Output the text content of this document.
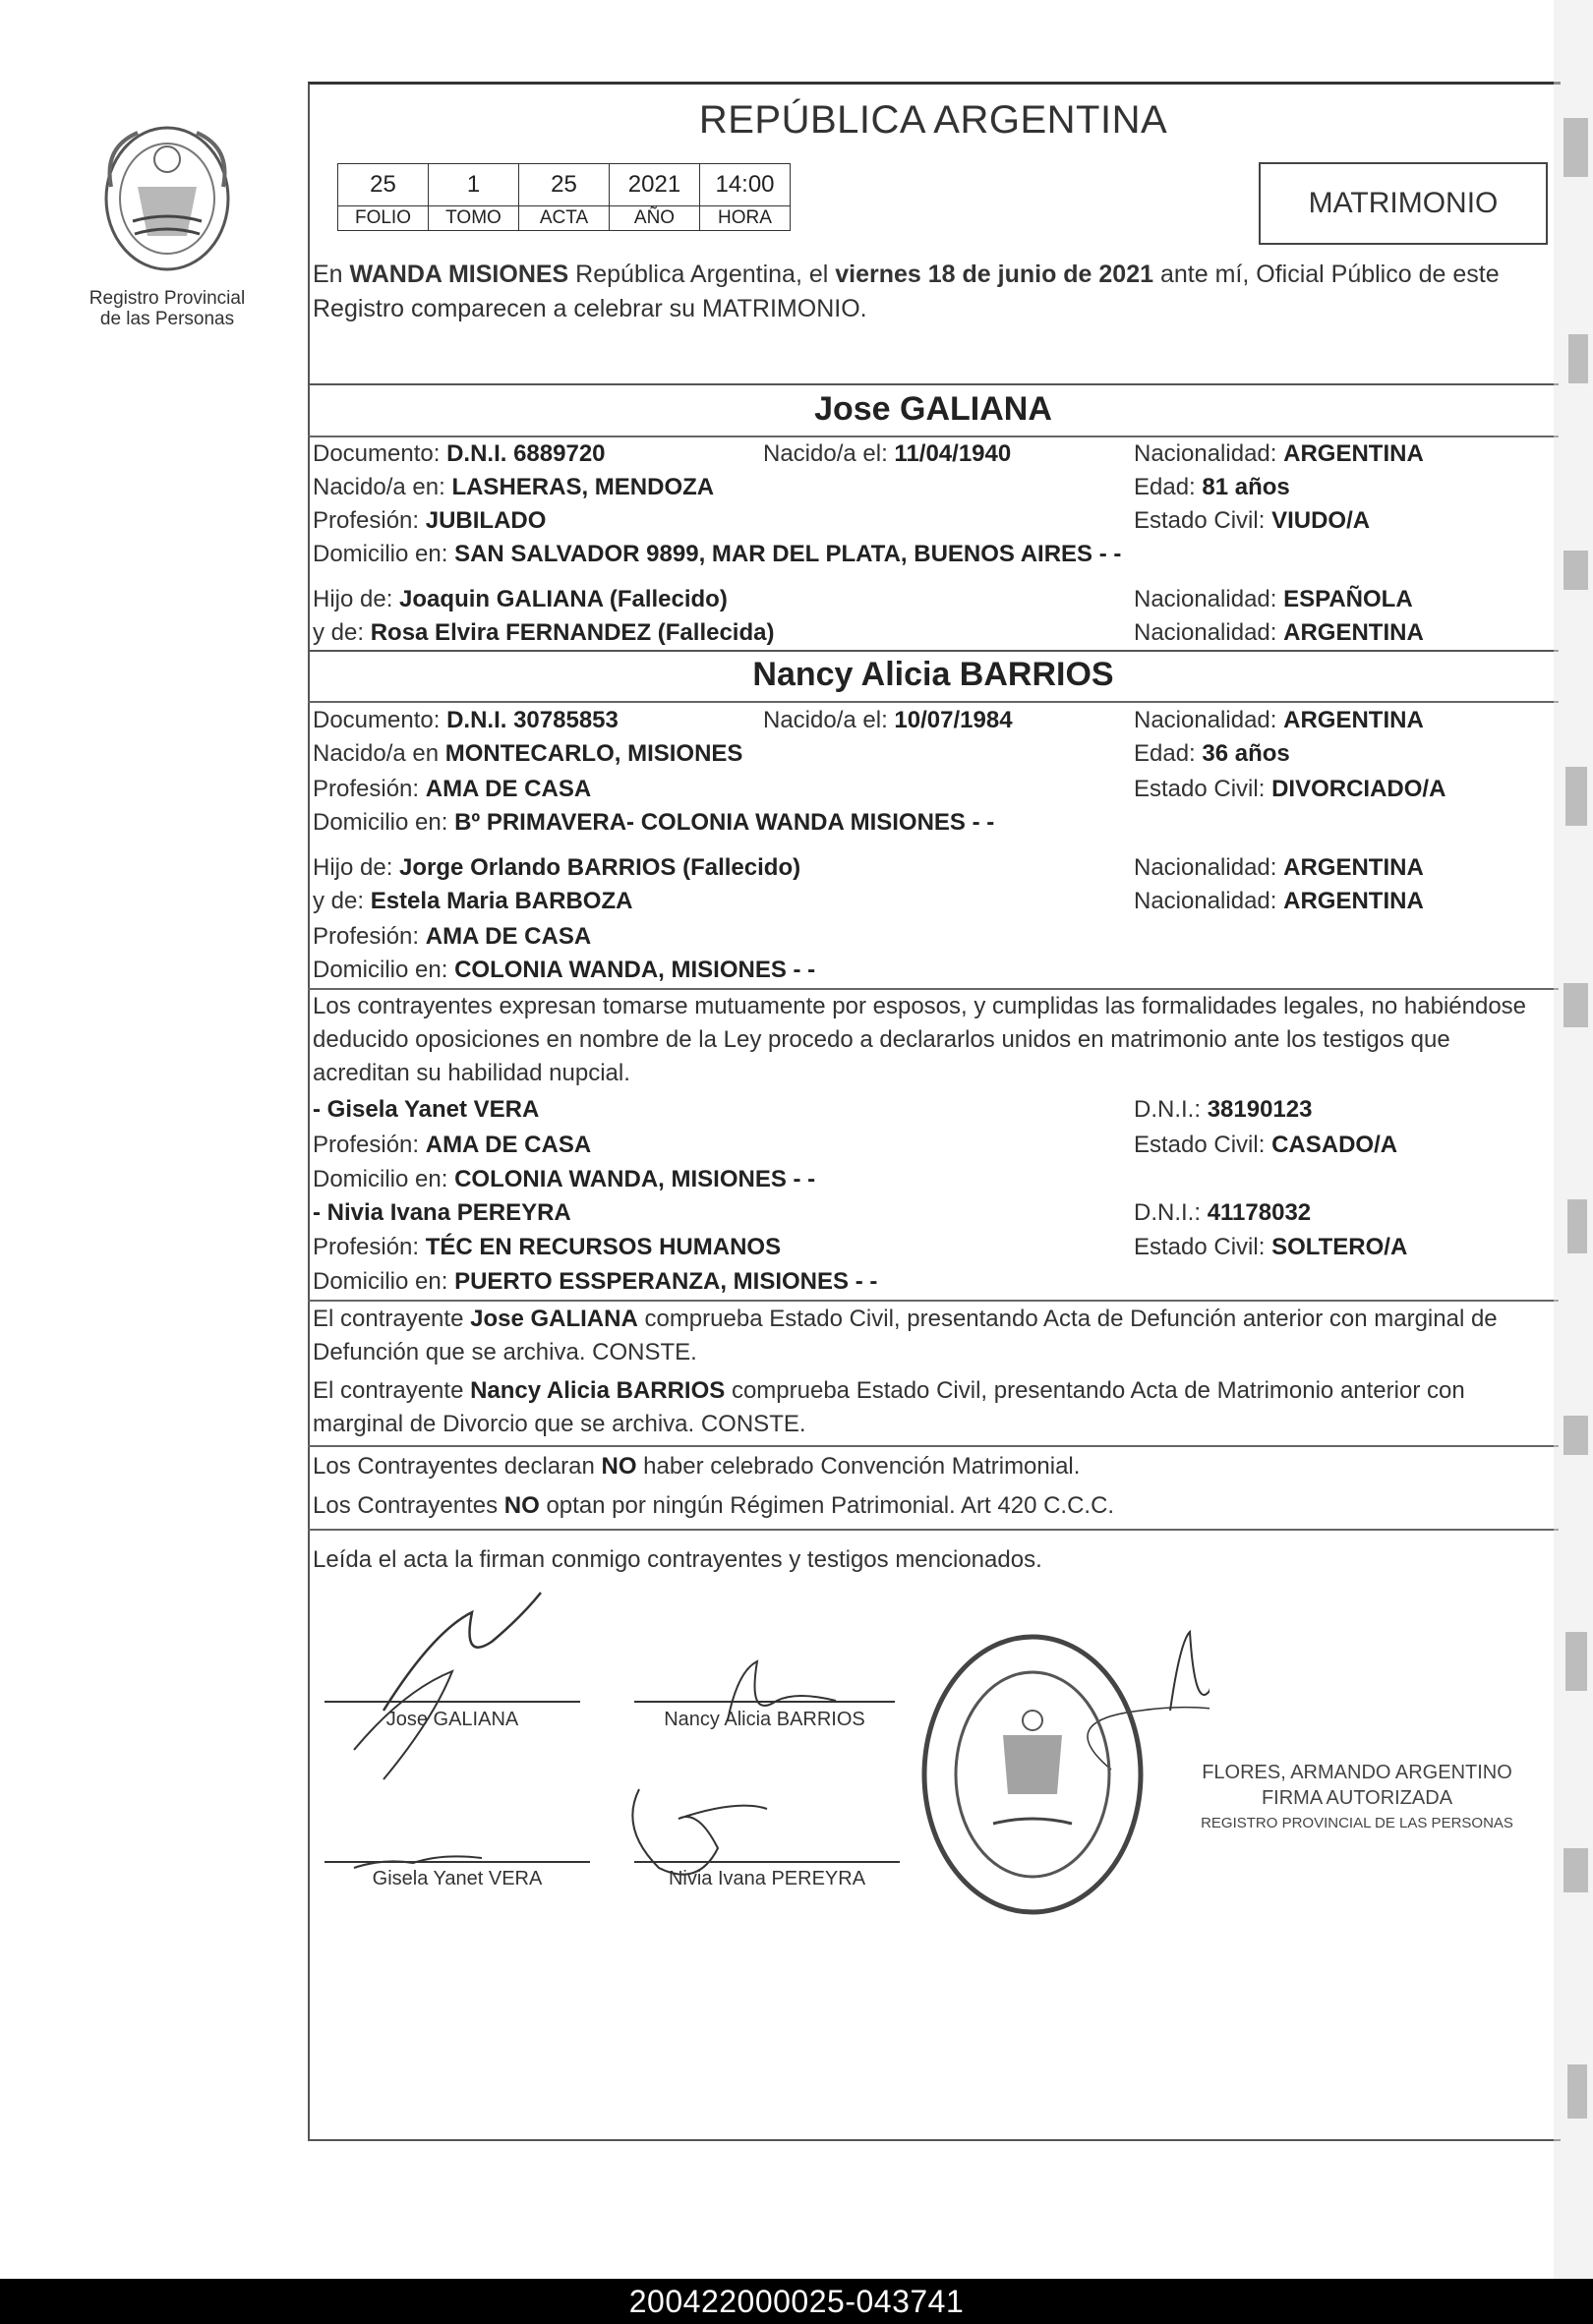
Registro Provincial
de las Personas
REPÚBLICA ARGENTINA
25	1	25	2021	14:00
FOLIO	TOMO	ACTA	AÑO	HORA	MATRIMONIO
En WANDA MISIONES República Argentina, el viernes 18 de junio de 2021 ante mí, Oficial Público de este Registro comparecen a celebrar su MATRIMONIO.
Jose GALIANA
Documento: D.N.I. 6889720	Nacido/a el: 11/04/1940	Nacionalidad: ARGENTINA
Nacido/a en: LASHERAS, MENDOZA	Edad: 81 años
Profesión: JUBILADO	Estado Civil: VIUDO/A
Domicilio en: SAN SALVADOR 9899, MAR DEL PLATA, BUENOS AIRES - -
Hijo de: Joaquin GALIANA (Fallecido)	Nacionalidad: ESPAÑOLA
y de: Rosa Elvira FERNANDEZ (Fallecida)	Nacionalidad: ARGENTINA
Nancy Alicia BARRIOS
Documento: D.N.I. 30785853	Nacido/a el: 10/07/1984	Nacionalidad: ARGENTINA
Nacido/a en MONTECARLO, MISIONES	Edad: 36 años
Profesión: AMA DE CASA	Estado Civil: DIVORCIADO/A
Domicilio en: Bº PRIMAVERA- COLONIA WANDA MISIONES - -
Hijo de: Jorge Orlando BARRIOS (Fallecido)	Nacionalidad: ARGENTINA
y de: Estela Maria BARBOZA	Nacionalidad: ARGENTINA
Profesión: AMA DE CASA
Domicilio en: COLONIA WANDA, MISIONES - -
Los contrayentes expresan tomarse mutuamente por esposos, y cumplidas las formalidades legales, no habiéndose deducido oposiciones en nombre de la Ley procedo a declararlos unidos en matrimonio ante los testigos que acreditan su habilidad nupcial.
- Gisela Yanet VERA	D.N.I.: 38190123
Profesión: AMA DE CASA	Estado Civil: CASADO/A
Domicilio en: COLONIA WANDA, MISIONES - -
- Nivia Ivana PEREYRA	D.N.I.: 41178032
Profesión: TÉC EN RECURSOS HUMANOS	Estado Civil: SOLTERO/A
Domicilio en: PUERTO ESSPERANZA, MISIONES - -
El contrayente Jose GALIANA comprueba Estado Civil, presentando Acta de Defunción anterior con marginal de Defunción que se archiva. CONSTE.
El contrayente Nancy Alicia BARRIOS comprueba Estado Civil, presentando Acta de Matrimonio anterior con marginal de Divorcio que se archiva. CONSTE.
Los Contrayentes declaran NO haber celebrado Convención Matrimonial.
Los Contrayentes NO optan por ningún Régimen Patrimonial. Art 420 C.C.C.
Leída el acta la firman conmigo contrayentes y testigos mencionados.
Jose GALIANA	Nancy Alicia BARRIOS
Gisela Yanet VERA	Nivia Ivana PEREYRA
FLORES, ARMANDO ARGENTINO
FIRMA AUTORIZADA
REGISTRO PROVINCIAL DE LAS PERSONAS
200422000025-043741
